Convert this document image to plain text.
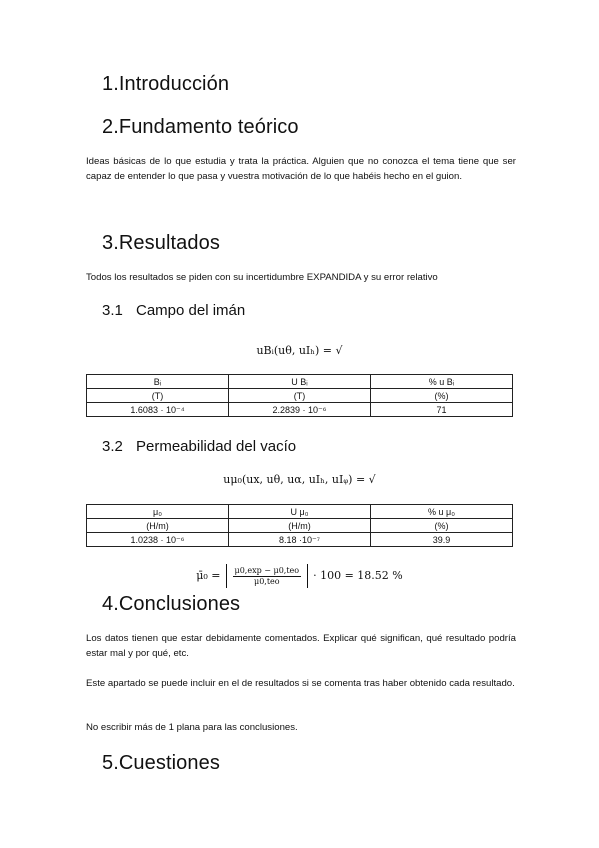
1.Introducción
2.Fundamento teórico
Ideas básicas de lo que estudia y trata la práctica. Alguien que no conozca el tema tiene que ser capaz de entender lo que pasa y vuestra motivación de lo que habéis hecho en el guion.
3.Resultados
Todos los resultados se piden con su incertidumbre EXPANDIDA y su error relativo
3.1 Campo del imán
uBᵢ(uθ, uIₕ) = √
Bᵢ	U Bᵢ	% u Bᵢ
(T)	(T)	(%)
1.6083 · 10⁻⁴	2.2839 · 10⁻⁶	71
3.2 Permeabilidad del vacío
uμ₀(ux, uθ, uα, uIₕ, uIᵩ) = √
μ₀	U μ₀	% u μ₀
(H/m)	(H/m)	(%)
1.0238 · 10⁻⁶	8.18 ·10⁻⁷	39.9
μ̄₀ = $\frac{\text{μ0,exp − μ0,teo}}{\text{μ0,teo}} \cdot 100 = 18.52$ %
4.Conclusiones
Los datos tienen que estar debidamente comentados. Explicar qué significan, qué resultado podría estar mal y por qué, etc.
Este apartado se puede incluir en el de resultados si se comenta tras haber obtenido cada resultado.
No escribir más de 1 plana para las conclusiones.
5.Cuestiones
